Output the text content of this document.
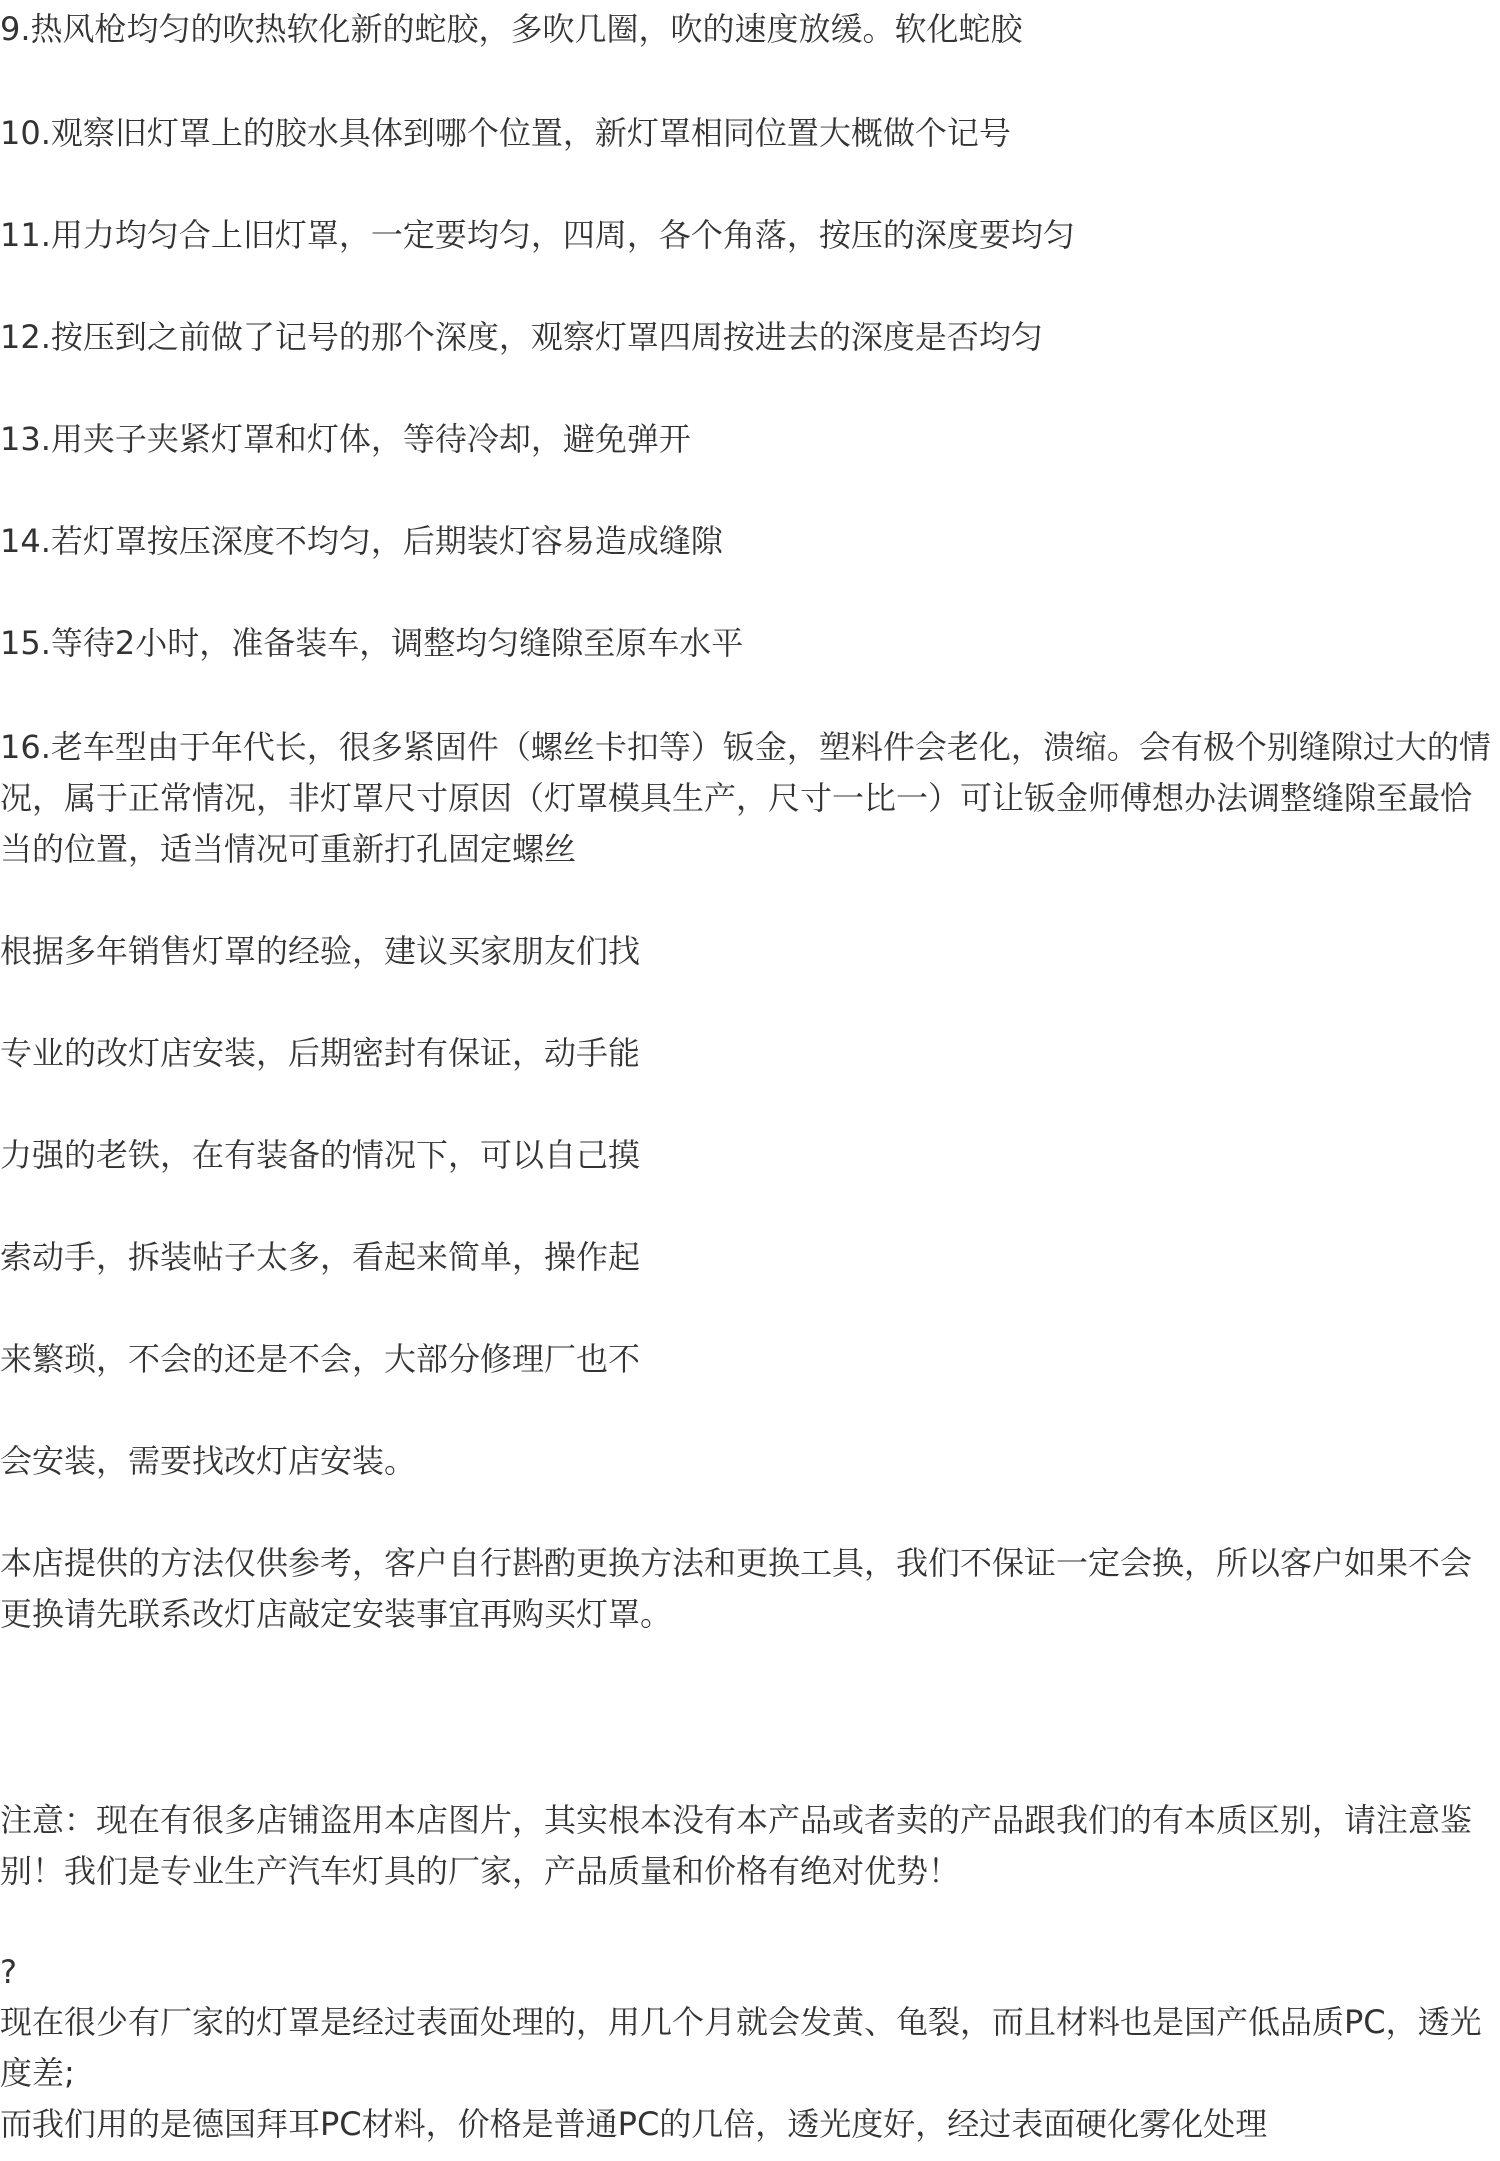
9.热风枪均匀的吹热软化新的蛇胶，多吹几圈，吹的速度放缓。软化蛇胶

10.观察旧灯罩上的胶水具体到哪个位置，新灯罩相同位置大概做个记号

11.用力均匀合上旧灯罩，一定要均匀，四周，各个角落，按压的深度要均匀

12.按压到之前做了记号的那个深度，观察灯罩四周按进去的深度是否均匀

13.用夹子夹紧灯罩和灯体，等待冷却，避免弹开

14.若灯罩按压深度不均匀，后期装灯容易造成缝隙

15.等待2小时，准备装车，调整均匀缝隙至原车水平

16.老车型由于年代长，很多紧固件（螺丝卡扣等）钣金，塑料件会老化，溃缩。会有极个别缝隙过大的情况，属于正常情况，非灯罩尺寸原因（灯罩模具生产，尺寸一比一）可让钣金师傅想办法调整缝隙至最恰当的位置，适当情况可重新打孔固定螺丝

根据多年销售灯罩的经验，建议买家朋友们找

专业的改灯店安装，后期密封有保证，动手能

力强的老铁，在有装备的情况下，可以自己摸

索动手，拆装帖子太多，看起来简单，操作起

来繁琐，不会的还是不会，大部分修理厂也不

会安装，需要找改灯店安装。

本店提供的方法仅供参考，客户自行斟酌更换方法和更换工具，我们不保证一定会换，所以客户如果不会更换请先联系改灯店敲定安装事宜再购买灯罩。

注意：现在有很多店铺盗用本店图片，其实根本没有本产品或者卖的产品跟我们的有本质区别，请注意鉴别！我们是专业生产汽车灯具的厂家，产品质量和价格有绝对优势！

?

现在很少有厂家的灯罩是经过表面处理的，用几个月就会发黄、龟裂，而且材料也是国产低品质PC，透光度差;

而我们用的是德国拜耳PC材料，价格是普通PC的几倍，透光度好，经过表面硬化雾化处理
